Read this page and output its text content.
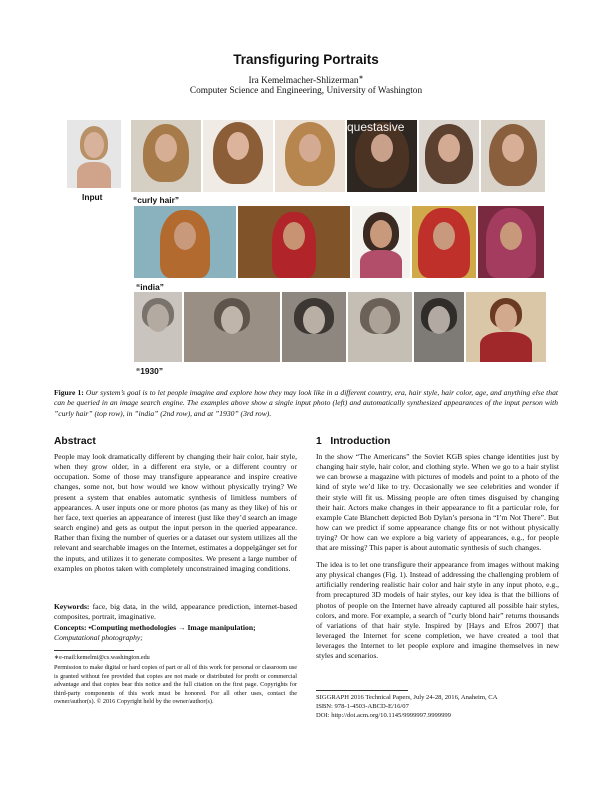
Transfiguring Portraits
Ira Kemelmacher-Shlizerman∗
Computer Science and Engineering, University of Washington
Input
questasive
“curly hair”
“india”
“1930”
Figure 1: Our system’s goal is to let people imagine and explore how they may look like in a different country, era, hair style, hair color, age, and anything else that can be queried in an image search engine. The examples above show a single input photo (left) and automatically synthesized appearances of the input person with ”curly hair” (top row), in ”india” (2nd row), and at ”1930” (3rd row).
Abstract
People may look dramatically different by changing their hair color, hair style, when they grow older, in a different era style, or a different country or occupation. Some of those may transfigure appearance and inspire creative changes, some not, but how would we know without physically trying? We present a system that enables automatic synthesis of limitless numbers of appearances. A user inputs one or more photos (as many as they like) of his or her face, text queries an appearance of interest (just like they’d search an image search engine) and gets as output the input person in the queried appearance. Rather than fixing the number of queries or a dataset our system utilizes all the relevant and searchable images on the Internet, estimates a doppelgänger set for the inputs, and utilizes it to generate composites. We present a large number of examples on photos taken with completely unconstrained imaging conditions.
Keywords: face, big data, in the wild, appearance prediction, internet-based composites, portrait, imaginative.
Concepts: •Computing methodologies → Image manipulation;
Computational photography;
∗e-mail:kemelmi@cs.washington.edu
Permission to make digital or hard copies of part or all of this work for personal or classroom use is granted without fee provided that copies are not made or distributed for profit or commercial advantage and that copies bear this notice and the full citation on the first page. Copyrights for third-party components of this work must be honored. For all other uses, contact the owner/author(s). © 2016 Copyright held by the owner/author(s).
1 Introduction
In the show “The Americans” the Soviet KGB spies change identities just by changing hair style, hair color, and clothing style. When we go to a hair stylist we can browse a magazine with pictures of models and point to a photo of the kind of style we’d like to try. Occasionally we see celebrities and wonder if their style will fit us. Missing people are often times disguised by changing their hair. Actors make changes in their appearance to fit a particular role, for example Cate Blanchett depicted Bob Dylan’s persona in “I’m Not There”. But how can we predict if some appearance change fits or not without physically trying? Or how can we explore a big variety of appearances, e.g., for people that are missing? This paper is about automatic synthesis of such changes.
The idea is to let one transfigure their appearance from images without making any physical changes (Fig. 1). Instead of addressing the challenging problem of artificially rendering realistic hair color and hair style in any input photo, e.g., from precaptured 3D models of hair styles, our key idea is that the billions of photos of people on the Internet have already captured all possible hair styles, colors, and more. For example, a search of ”curly blond hair” returns thousands of variations of that hair style. Inspired by [Hays and Efros 2007] that leveraged the Internet for scene completion, we have created a tool that leverages the Internet to let people explore and imagine themselves in new styles and scenarios.
SIGGRAPH 2016 Technical Papers, July 24-28, 2016, Anaheim, CA
ISBN: 978-1-4503-ABCD-E/16/07
DOI: http://doi.acm.org/10.1145/9999997.9999999
